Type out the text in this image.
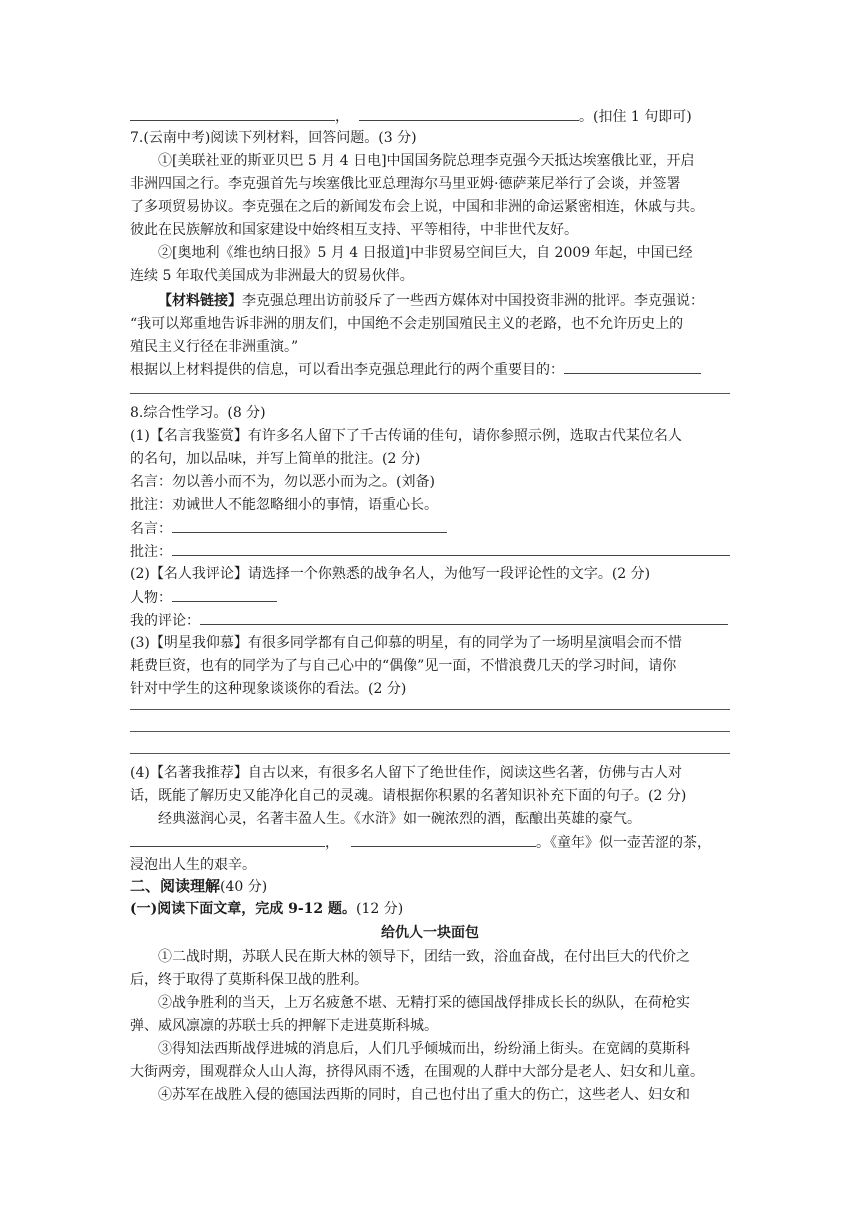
，	。(扣住 1 句即可)
7.(云南中考)阅读下列材料，回答问题。(3 分)
①[美联社亚的斯亚贝巴 5 月 4 日电]中国国务院总理李克强今天抵达埃塞俄比亚，开启
非洲四国之行。李克强首先与埃塞俄比亚总理海尔马里亚姆·德萨莱尼举行了会谈，并签署
了多项贸易协议。李克强在之后的新闻发布会上说，中国和非洲的命运紧密相连，休戚与共。
彼此在民族解放和国家建设中始终相互支持、平等相待，中非世代友好。
②[奥地利《维也纳日报》5 月 4 日报道]中非贸易空间巨大，自 2009 年起，中国已经
连续 5 年取代美国成为非洲最大的贸易伙伴。
【材料链接】李克强总理出访前驳斥了一些西方媒体对中国投资非洲的批评。李克强说：
“我可以郑重地告诉非洲的朋友们，中国绝不会走别国殖民主义的老路，也不允许历史上的
殖民主义行径在非洲重演。”
根据以上材料提供的信息，可以看出李克强总理此行的两个重要目的：
8.综合性学习。(8 分)
(1)【名言我鉴赏】有许多名人留下了千古传诵的佳句，请你参照示例，选取古代某位名人
的名句，加以品味，并写上简单的批注。(2 分)
名言：勿以善小而不为，勿以恶小而为之。(刘备)
批注：劝诫世人不能忽略细小的事情，语重心长。
名言：
批注：
(2)【名人我评论】请选择一个你熟悉的战争名人，为他写一段评论性的文字。(2 分)
人物：
我的评论：
(3)【明星我仰慕】有很多同学都有自己仰慕的明星，有的同学为了一场明星演唱会而不惜
耗费巨资，也有的同学为了与自己心中的“偶像”见一面，不惜浪费几天的学习时间，请你
针对中学生的这种现象谈谈你的看法。(2 分)
(4)【名著我推荐】自古以来，有很多名人留下了绝世佳作，阅读这些名著，仿佛与古人对
话，既能了解历史又能净化自己的灵魂。请根据你积累的名著知识补充下面的句子。(2 分)
经典滋润心灵，名著丰盈人生。《水浒》如一碗浓烈的酒，酝酿出英雄的豪气。
，	。《童年》似一壶苦涩的茶，
浸泡出人生的艰辛。
二、阅读理解(40 分)
(一)阅读下面文章，完成 9-12 题。(12 分)
给仇人一块面包
①二战时期，苏联人民在斯大林的领导下，团结一致，浴血奋战，在付出巨大的代价之
后，终于取得了莫斯科保卫战的胜利。
②战争胜利的当天，上万名疲惫不堪、无精打采的德国战俘排成长长的纵队，在荷枪实
弹、威风凛凛的苏联士兵的押解下走进莫斯科城。
③得知法西斯战俘进城的消息后，人们几乎倾城而出，纷纷涌上街头。在宽阔的莫斯科
大街两旁，围观群众人山人海，挤得风雨不透，在围观的人群中大部分是老人、妇女和儿童。
④苏军在战胜入侵的德国法西斯的同时，自己也付出了重大的伤亡，这些老人、妇女和
